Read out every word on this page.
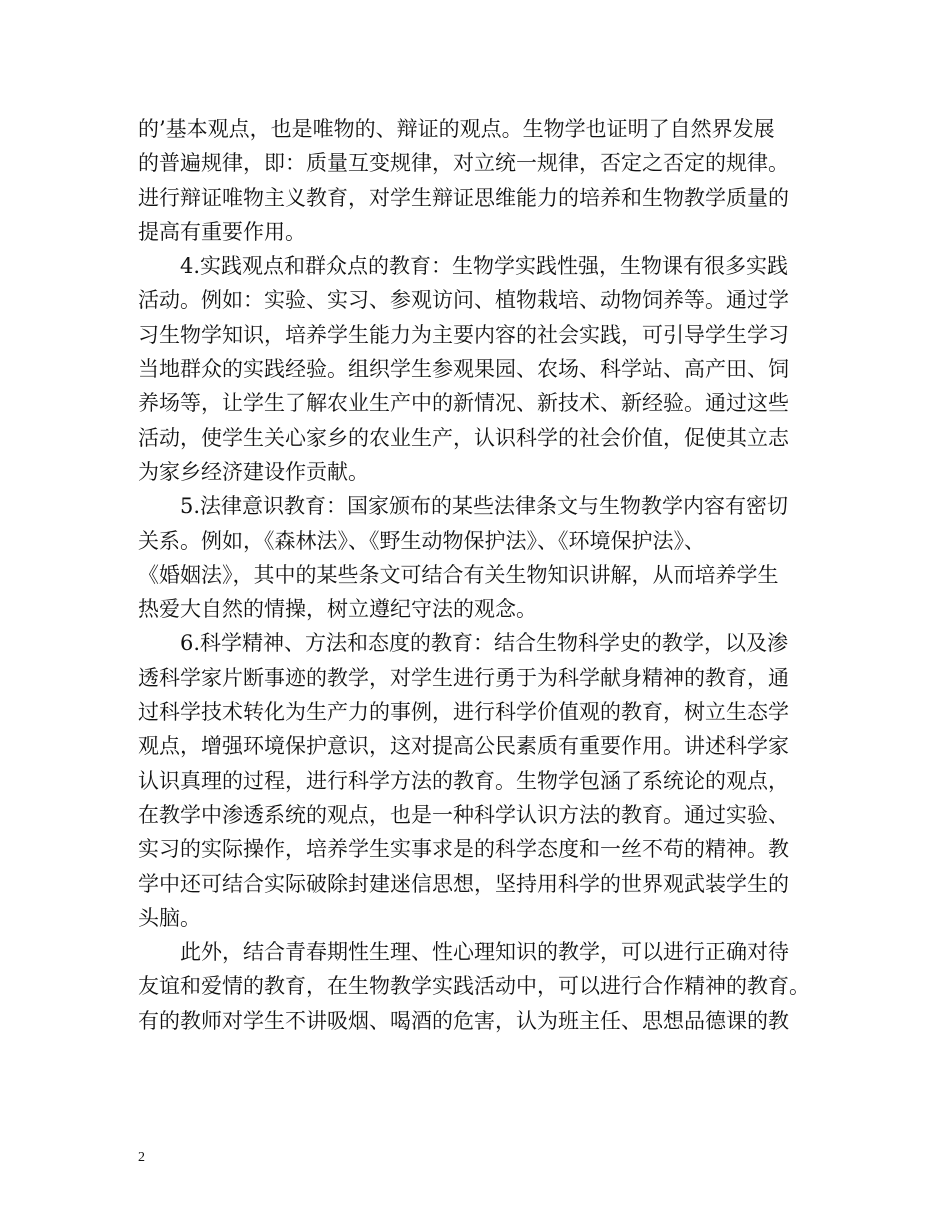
的’基本观点，也是唯物的、辩证的观点。生物学也证明了自然界发展
的普遍规律，即：质量互变规律，对立统一规律，否定之否定的规律。
进行辩证唯物主义教育，对学生辩证思维能力的培养和生物教学质量的
提高有重要作用。
4.实践观点和群众点的教育：生物学实践性强，生物课有很多实践
活动。例如：实验、实习、参观访问、植物栽培、动物饲养等。通过学
习生物学知识，培养学生能力为主要内容的社会实践，可引导学生学习
当地群众的实践经验。组织学生参观果园、农场、科学站、高产田、饲
养场等，让学生了解农业生产中的新情况、新技术、新经验。通过这些
活动，使学生关心家乡的农业生产，认识科学的社会价值，促使其立志
为家乡经济建设作贡献。
5.法律意识教育：国家颁布的某些法律条文与生物教学内容有密切
关系。例如，《森林法》、《野生动物保护法》、《环境保护法》、
《婚姻法》，其中的某些条文可结合有关生物知识讲解，从而培养学生
热爱大自然的情操，树立遵纪守法的观念。
6.科学精神、方法和态度的教育：结合生物科学史的教学，以及渗
透科学家片断事迹的教学，对学生进行勇于为科学献身精神的教育，通
过科学技术转化为生产力的事例，进行科学价值观的教育，树立生态学
观点，增强环境保护意识，这对提高公民素质有重要作用。讲述科学家
认识真理的过程，进行科学方法的教育。生物学包涵了系统论的观点，
在教学中渗透系统的观点，也是一种科学认识方法的教育。通过实验、
实习的实际操作，培养学生实事求是的科学态度和一丝不苟的精神。教
学中还可结合实际破除封建迷信思想，坚持用科学的世界观武装学生的
头脑。
此外，结合青春期性生理、性心理知识的教学，可以进行正确对待
友谊和爱情的教育，在生物教学实践活动中，可以进行合作精神的教育。
有的教师对学生不讲吸烟、喝酒的危害，认为班主任、思想品德课的教
2
